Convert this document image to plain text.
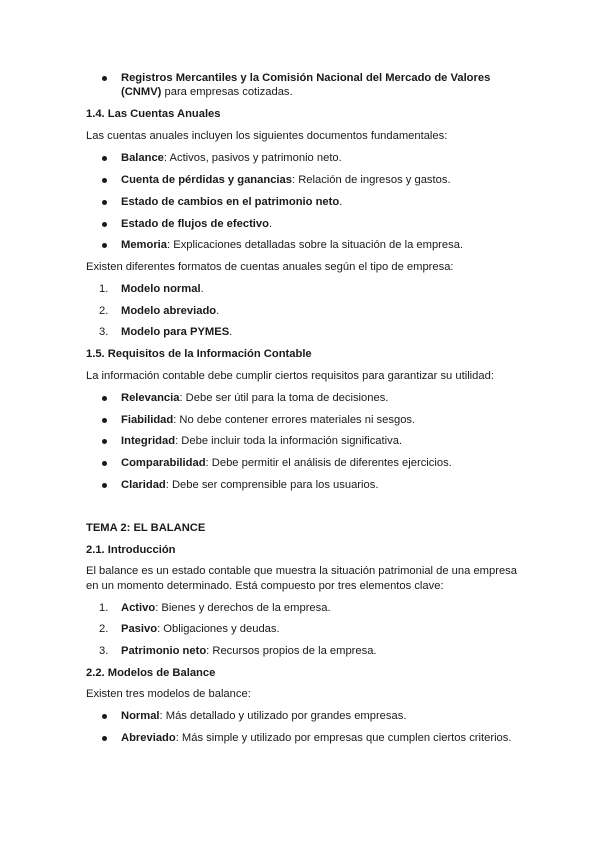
Registros Mercantiles y la Comisión Nacional del Mercado de Valores
(CNMV) para empresas cotizadas.
1.4. Las Cuentas Anuales
Las cuentas anuales incluyen los siguientes documentos fundamentales:
Balance: Activos, pasivos y patrimonio neto.
Cuenta de pérdidas y ganancias: Relación de ingresos y gastos.
Estado de cambios en el patrimonio neto.
Estado de flujos de efectivo.
Memoria: Explicaciones detalladas sobre la situación de la empresa.
Existen diferentes formatos de cuentas anuales según el tipo de empresa:
1.	Modelo normal.
2.	Modelo abreviado.
3.	Modelo para PYMES.
1.5. Requisitos de la Información Contable
La información contable debe cumplir ciertos requisitos para garantizar su utilidad:
Relevancia: Debe ser útil para la toma de decisiones.
Fiabilidad: No debe contener errores materiales ni sesgos.
Integridad: Debe incluir toda la información significativa.
Comparabilidad: Debe permitir el análisis de diferentes ejercicios.
Claridad: Debe ser comprensible para los usuarios.
TEMA 2: EL BALANCE
2.1. Introducción
El balance es un estado contable que muestra la situación patrimonial de una empresa
en un momento determinado. Está compuesto por tres elementos clave:
1.	Activo: Bienes y derechos de la empresa.
2.	Pasivo: Obligaciones y deudas.
3.	Patrimonio neto: Recursos propios de la empresa.
2.2. Modelos de Balance
Existen tres modelos de balance:
Normal: Más detallado y utilizado por grandes empresas.
Abreviado: Más simple y utilizado por empresas que cumplen ciertos criterios.
